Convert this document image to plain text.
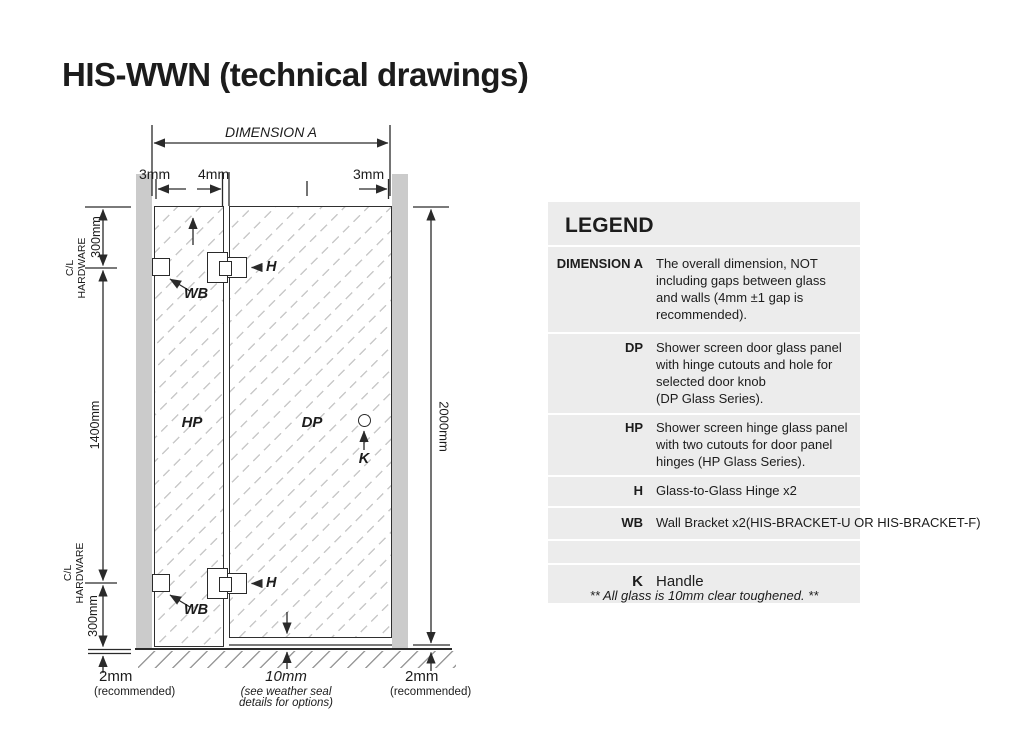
HIS-WWN (technical drawings)
DIMENSION A
3mm 4mm	3mm
C/L HARDWARE
300mm
1400mm
C/L HARDWARE
300mm
2000mm
HP	DP
H
H
WB
WB
K
2mm
(recommended)
10mm
(see weather seal
details for options)
2mm
(recommended)
LEGEND
DIMENSION A The overall dimension, NOT
including gaps between glass
and walls (4mm ±1 gap is
recommended).
DP Shower screen door glass panel
with hinge cutouts and hole for
selected door knob
(DP Glass Series).
HP Shower screen hinge glass panel
with two cutouts for door panel
hinges (HP Glass Series).
H Glass-to-Glass Hinge x2
WB Wall Bracket x2(HIS-BRACKET-U OR HIS-BRACKET-F)
K Handle
** All glass is 10mm clear toughened. **
